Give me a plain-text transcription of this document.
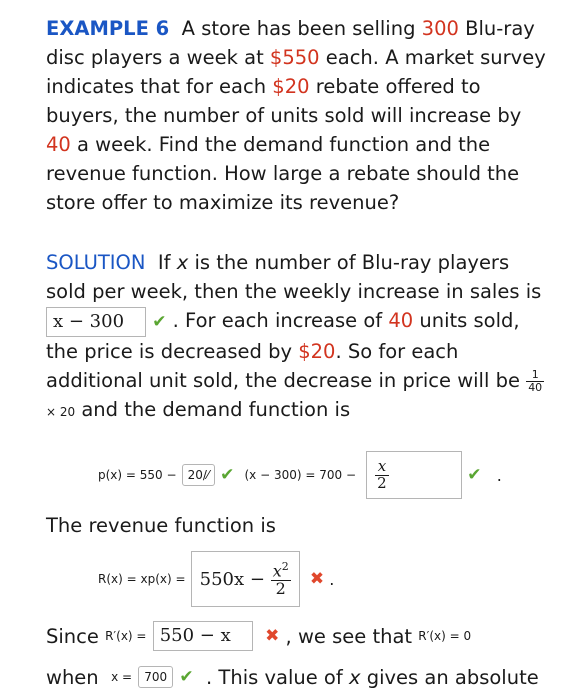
EXAMPLE 6 A store has been selling 300 Blu-ray disc players a week at $550 each. A market survey indicates that for each $20 rebate offered to buyers, the number of units sold will increase by 40 a week. Find the demand function and the revenue function. How large a rebate should the store offer to maximize its revenue?
SOLUTION If x is the number of Blu-ray players sold per week, then the weekly increase in sales is x − 300 ✔ . For each increase of 40 units sold, the price is decreased by $20. So for each additional unit sold, the decrease in price will be $\frac{1}{40}$
× 20 and the demand function is
p(x) = 550 −
20/⁄
✔
(x − 300) = 700 −
$\frac{x}{2}$
	✔
.
The revenue function is
R(x) = xp(x) =
550x −
$\frac{x^2}{2}$
✖
.
Since
R′(x) =
550 − x
	✖
, we see that
R′(x) = 0
when
x =
	700
✔
. This value of
x
gives an absolute
